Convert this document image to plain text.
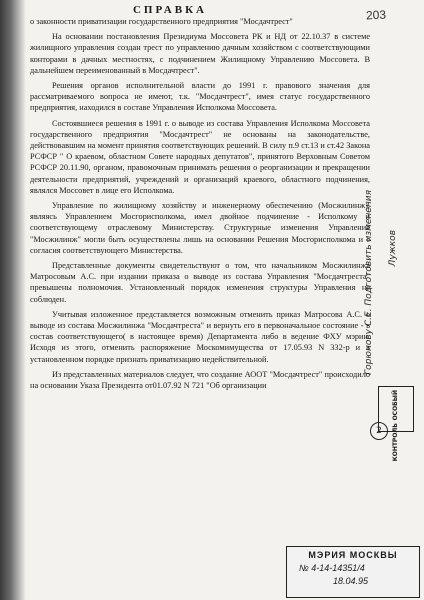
203
СПРАВКА

о законности приватизации государственного предприятия "Мосдачтрест"

На основании постановления Президиума Моссовета РК и НД от 22.10.37 в системе жилищного управления создан трест по управлению дачным хозяйством с соответствующими конторами в дачных местностях, с подчинением Жилищному Управлению Моссовета. В дальнейшем переименованный в Мосдачтрест".

Решения органов исполнительной власти до 1991 г. правового значения для рассматриваемого вопроса не имеют, т.к. "Мосдачтрест", имея статус государственного предприятия, находился в составе Управления Исполкома Моссовета.

Состоявшиеся решения в 1991 г. о выводе из состава Управления Исполкома Моссовета государственного предприятия "Мосдачтрест" не основаны на законодательстве, действовавшим на момент принятия соответствующих решений. В силу п.9 ст.13 и ст.42 Закона РСФСР " О краевом, областном Совете народных депутатов", принятого Верховным Советом РСФСР 20.11.90, органом, правомочным принимать решения о реорганизации и прекращении деятельности предприятий, учреждений и организаций краевого, областного подчинения, являлся Моссовет в лице его Исполкома.

Управление по жилищному хозяйству и инженерному обеспечению (Мосжилинж), являясь Управлением Мосгорисполкома, имел двойное подчинение - Исполкому и соответствующему отраслевому Министерству. Структурные изменения Управления "Мосжилинж" могли быть осуществлены лишь на основании Решения Мосгорисполкома и с согласия соответствующего Министерства.

Представленные документы свидетельствуют о том, что начальником Мосжилинжа Матросовым А.С. при издании приказа о выводе из состава Управления "Мосдачтреста" превышены полномочия. Установленный порядок изменения структуры Управления не соблюден.

Учитывая изложенное представляется возможным отменить приказ Матросова А.С. о выводе из состава Мосжилинжа "Мосдачтреста" и вернуть его в первоначальное состояние - в состав соответствующего( в настоящее время) Департамента либо в ведение ФХУ мэрии. Исходя из этого, отменить распоряжение Москомимущества от 17.05.93 N 332-р и в установленном порядке признать приватизацию недействительной.

Из представленных материалов следует, что создание АООТ "Мосдачтрест" происходило на основании Указа Президента от01.07.92 N 721 "Об организации

Горюнову С.Е. Подготовить изменения Лужков
2
ОСОБЫЙ
КОНТРОЛЬ
МЭРИЯ МОСКВЫ
№ 4-14-14351/4
18.04.95
